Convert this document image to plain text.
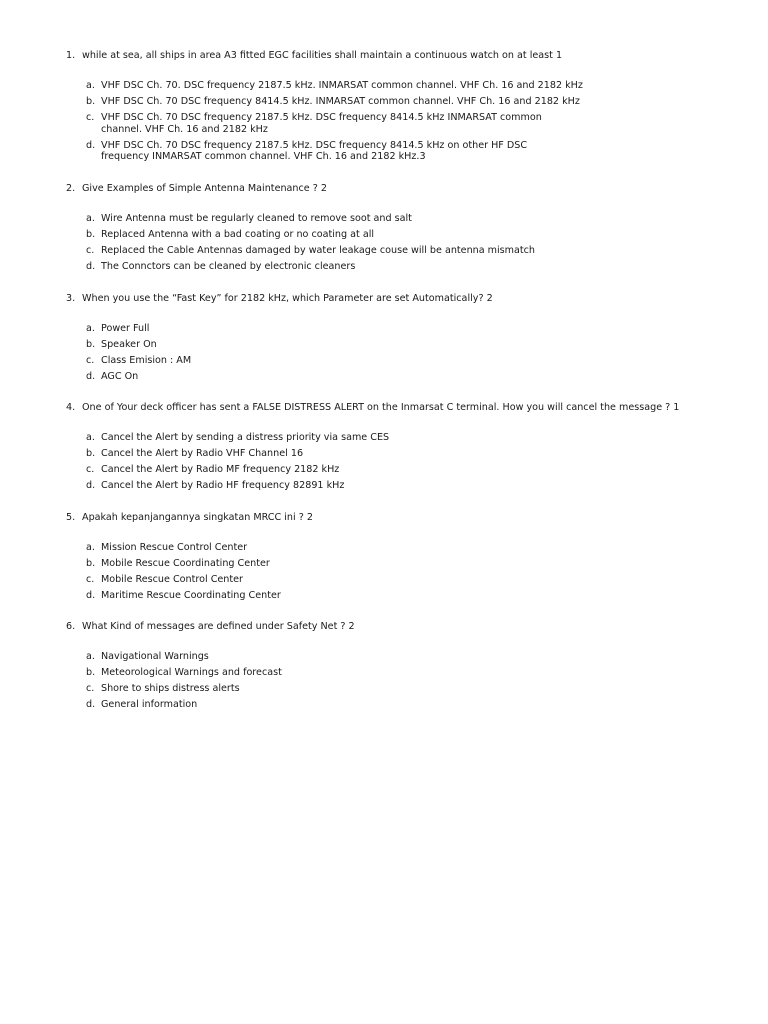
1. while at sea, all ships in area A3 fitted EGC facilities shall maintain a continuous watch on at least 1
a. VHF DSC Ch. 70. DSC frequency 2187.5 kHz. INMARSAT common channel. VHF Ch. 16 and 2182 kHz
b. VHF DSC Ch. 70 DSC frequency 8414.5 kHz. INMARSAT common channel. VHF Ch. 16 and 2182 kHz
c. VHF DSC Ch. 70 DSC frequency 2187.5 kHz. DSC frequency 8414.5 kHz INMARSAT common channel. VHF Ch. 16 and 2182 kHz
d. VHF DSC Ch. 70 DSC frequency 2187.5 kHz. DSC frequency 8414.5 kHz on other HF DSC frequency INMARSAT common channel. VHF Ch. 16 and 2182 kHz.3
2. Give Examples of Simple Antenna Maintenance ? 2
a. Wire Antenna must be regularly cleaned to remove soot and salt
b. Replaced Antenna with a bad coating or no coating at all
c. Replaced the Cable Antennas damaged by water leakage couse will be antenna mismatch
d. The Connctors can be cleaned by electronic cleaners
3. When you use the “Fast Key” for 2182 kHz, which Parameter are set Automatically? 2
a. Power Full
b. Speaker On
c. Class Emision : AM
d. AGC On
4. One of Your deck officer has sent a FALSE DISTRESS ALERT on the Inmarsat C terminal. How you will cancel the message ? 1
a. Cancel the Alert by sending a distress priority via same CES
b. Cancel the Alert by Radio VHF Channel 16
c. Cancel the Alert by Radio MF frequency 2182 kHz
d. Cancel the Alert by Radio HF frequency 82891 kHz
5. Apakah kepanjangannya singkatan MRCC ini ? 2
a. Mission Rescue Control Center
b. Mobile Rescue Coordinating Center
c. Mobile Rescue Control Center
d. Maritime Rescue Coordinating Center
6. What Kind of messages are defined under Safety Net ? 2
a. Navigational Warnings
b. Meteorological Warnings and forecast
c. Shore to ships distress alerts
d. General information
